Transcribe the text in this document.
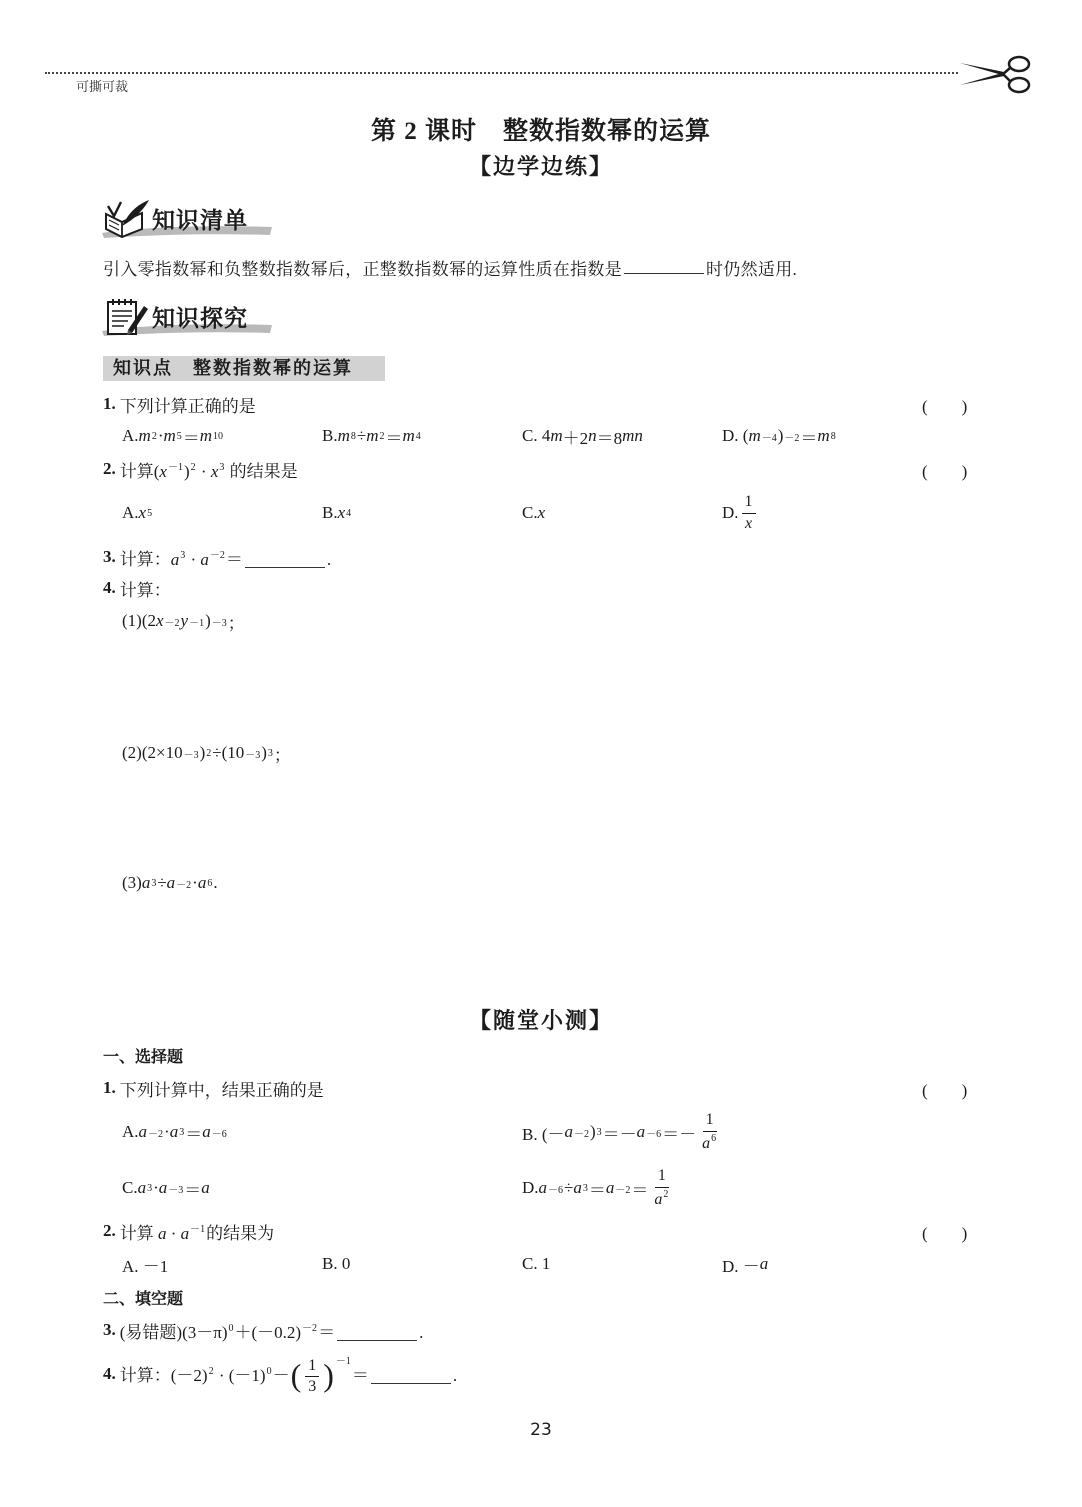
可撕可裁
第 2 课时　整数指数幂的运算
【边学边练】
知识清单
引入零指数幂和负整数指数幂后，正整数指数幂的运算性质在指数是	时仍然适用.
知识探究
知识点　整数指数幂的运算
1. 下列计算正确的是	(　　)
A. m 2 · m 5 ＝ m 10	B. m 8 ÷ m 2 ＝ m 4	C. 4 m ＋2 n ＝8 mn	D. ( m －4 ) －2 ＝ m 8
2. 计算$(x^{-1})^2 \cdot x^3$ 的结果是	(　　)
A. x 5	B. x 4	C. x	D. $\frac{1}{x}$
3. 计算：$a^3 \cdot a^{-2}=$	.
4. 计算：
(1)(2 x －2 y －1 ) －3 ；
(2)(2×10 －3 ) 2 ÷(10 －3 ) 3 ；
(3) a 3 ÷ a －2 · a 6 .
【随堂小测】
一、选择题
1. 下列计算中，结果正确的是	(　　)
A. a －2 · a 3 ＝ a －6	B. (－ a －2 ) $3 =- a -6 =- \frac{1}{a^6}$
C. a 3 · a －3 ＝ a	D. a －6 ÷ a $3 = a -2 = \frac{1}{a^2}$
2. 计算 $a \cdot a^{-1}$的结果为	(　　)
A. －1	B. 0	C. 1	D. － a
二、填空题
3. (易错题)$(3-\pi)^0+(-0.2)^{-2}=$	.
4. 计算：$(-2)^2 \cdot (-1)^0-( \frac{1}{3}$ ) $^{-1}$＝	.
23
